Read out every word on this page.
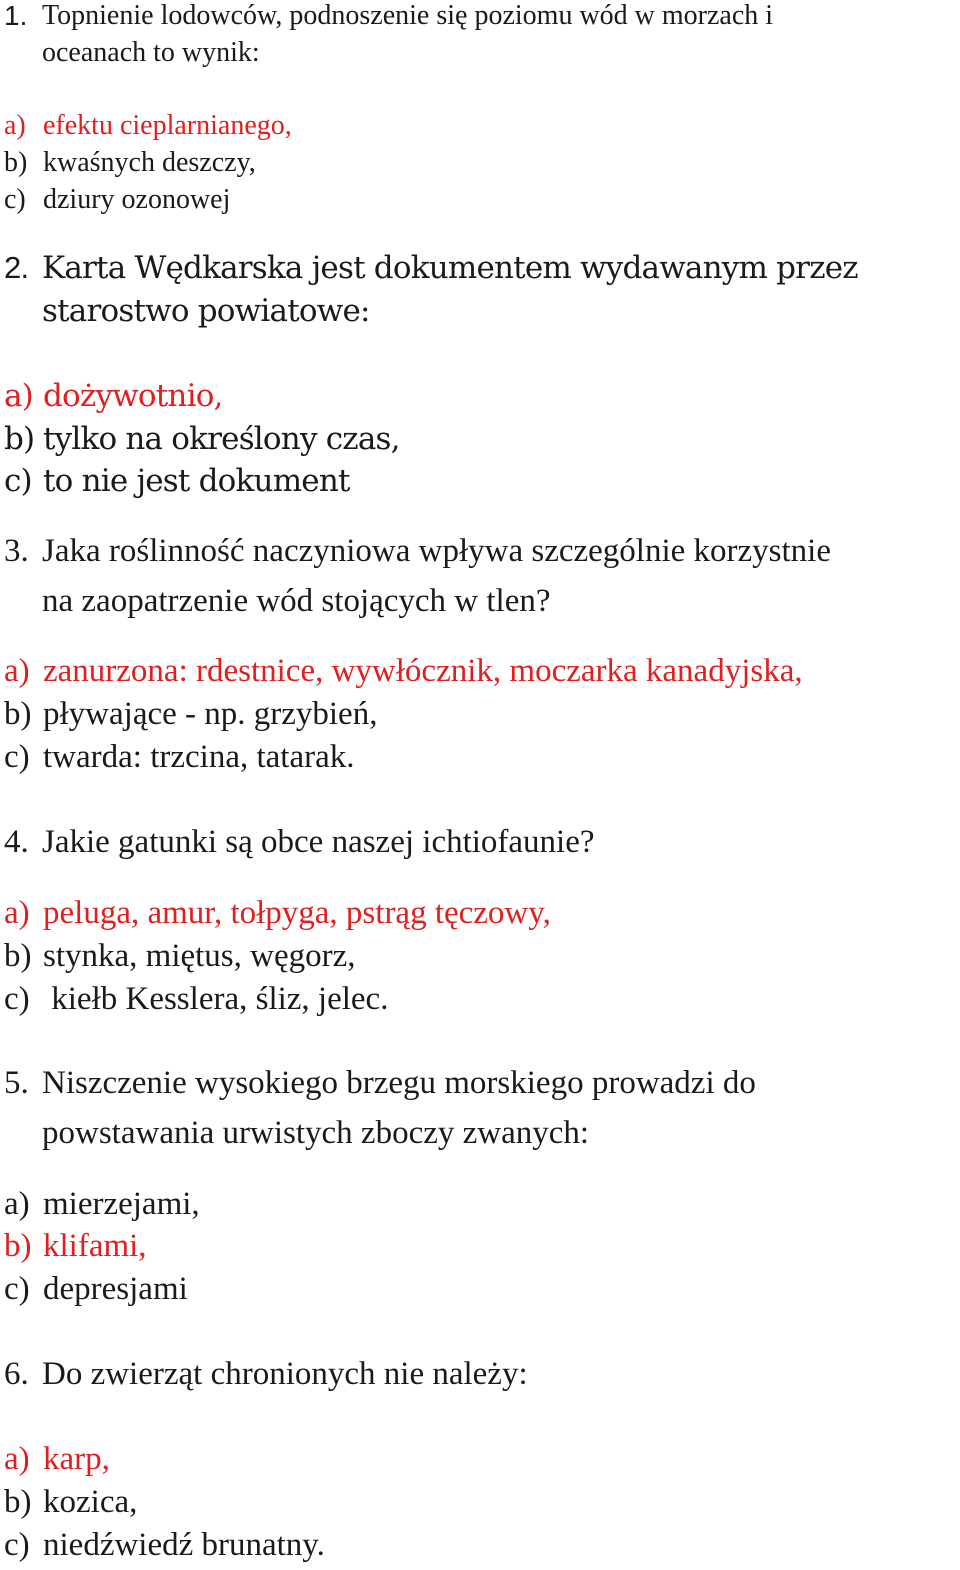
1. Topnienie lodowców, podnoszenie się poziomu wód w morzach i
oceanach to wynik:
a) efektu cieplarnianego,
b) kwaśnych deszczy,
c) dziury ozonowej
2. Karta Wędkarska jest dokumentem wydawanym przez
starostwo powiatowe:
a) dożywotnio,
b) tylko na określony czas,
c) to nie jest dokument
3. Jaka roślinność naczyniowa wpływa szczególnie korzystnie
na zaopatrzenie wód stojących w tlen?
a) zanurzona: rdestnice, wywłócznik, moczarka kanadyjska,
b) pływające - np. grzybień,
c) twarda: trzcina, tatarak.
4. Jakie gatunki są obce naszej ichtiofaunie?
a) peluga, amur, tołpyga, pstrąg tęczowy,
b) stynka, miętus, węgorz,
c) kiełb Kesslera, śliz, jelec.
5. Niszczenie wysokiego brzegu morskiego prowadzi do
powstawania urwistych zboczy zwanych:
a) mierzejami,
b) klifami,
c) depresjami
6. Do zwierząt chronionych nie należy:
a) karp,
b) kozica,
c) niedźwiedź brunatny.
